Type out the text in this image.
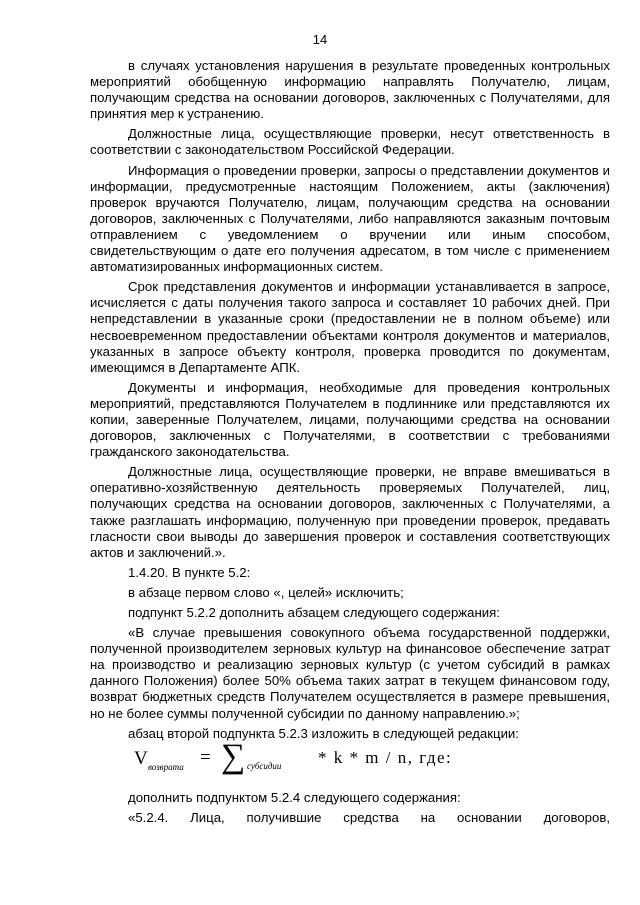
14

в случаях установления нарушения в результате проведенных контрольных мероприятий обобщенную информацию направлять Получателю, лицам, получающим средства на основании договоров, заключенных с Получателями, для принятия мер к устранению.

Должностные лица, осуществляющие проверки, несут ответственность в соответствии с законодательством Российской Федерации.

Информация о проведении проверки, запросы о представлении документов и информации, предусмотренные настоящим Положением, акты (заключения) проверок вручаются Получателю, лицам, получающим средства на основании договоров, заключенных с Получателями, либо направляются заказным почтовым отправлением с уведомлением о вручении или иным способом, свидетельствующим о дате его получения адресатом, в том числе с применением автоматизированных информационных систем.

Срок представления документов и информации устанавливается в запросе, исчисляется с даты получения такого запроса и составляет 10 рабочих дней. При непредставлении в указанные сроки (предоставлении не в полном объеме) или несвоевременном предоставлении объектами контроля документов и материалов, указанных в запросе объекту контроля, проверка проводится по документам, имеющимся в Департаменте АПК.

Документы и информация, необходимые для проведения контрольных мероприятий, представляются Получателем в подлиннике или представляются их копии, заверенные Получателем, лицами, получающими средства на основании договоров, заключенных с Получателями, в соответствии с требованиями гражданского законодательства.

Должностные лица, осуществляющие проверки, не вправе вмешиваться в оперативно-хозяйственную деятельность проверяемых Получателей, лиц, получающих средства на основании договоров, заключенных с Получателями, а также разглашать информацию, полученную при проведении проверок, предавать гласности свои выводы до завершения проверок и составления соответствующих актов и заключений.».

1.4.20. В пункте 5.2:

в абзаце первом слово «, целей» исключить;

подпункт 5.2.2 дополнить абзацем следующего содержания:

«В случае превышения совокупного объема государственной поддержки, полученной производителем зерновых культур на финансовое обеспечение затрат на производство и реализацию зерновых культур (с учетом субсидий в рамках данного Положения) более 50% объема таких затрат в текущем финансовом году, возврат бюджетных средств Получателем осуществляется в размере превышения, но не более суммы полученной субсидии по данному направлению.»;

абзац второй подпункта 5.2.3 изложить в следующей редакции:

V возврата = ∑ субсидии * k * m / n, где:

дополнить подпунктом 5.2.4 следующего содержания:

«5.2.4. Лица, получившие средства на основании договоров,
